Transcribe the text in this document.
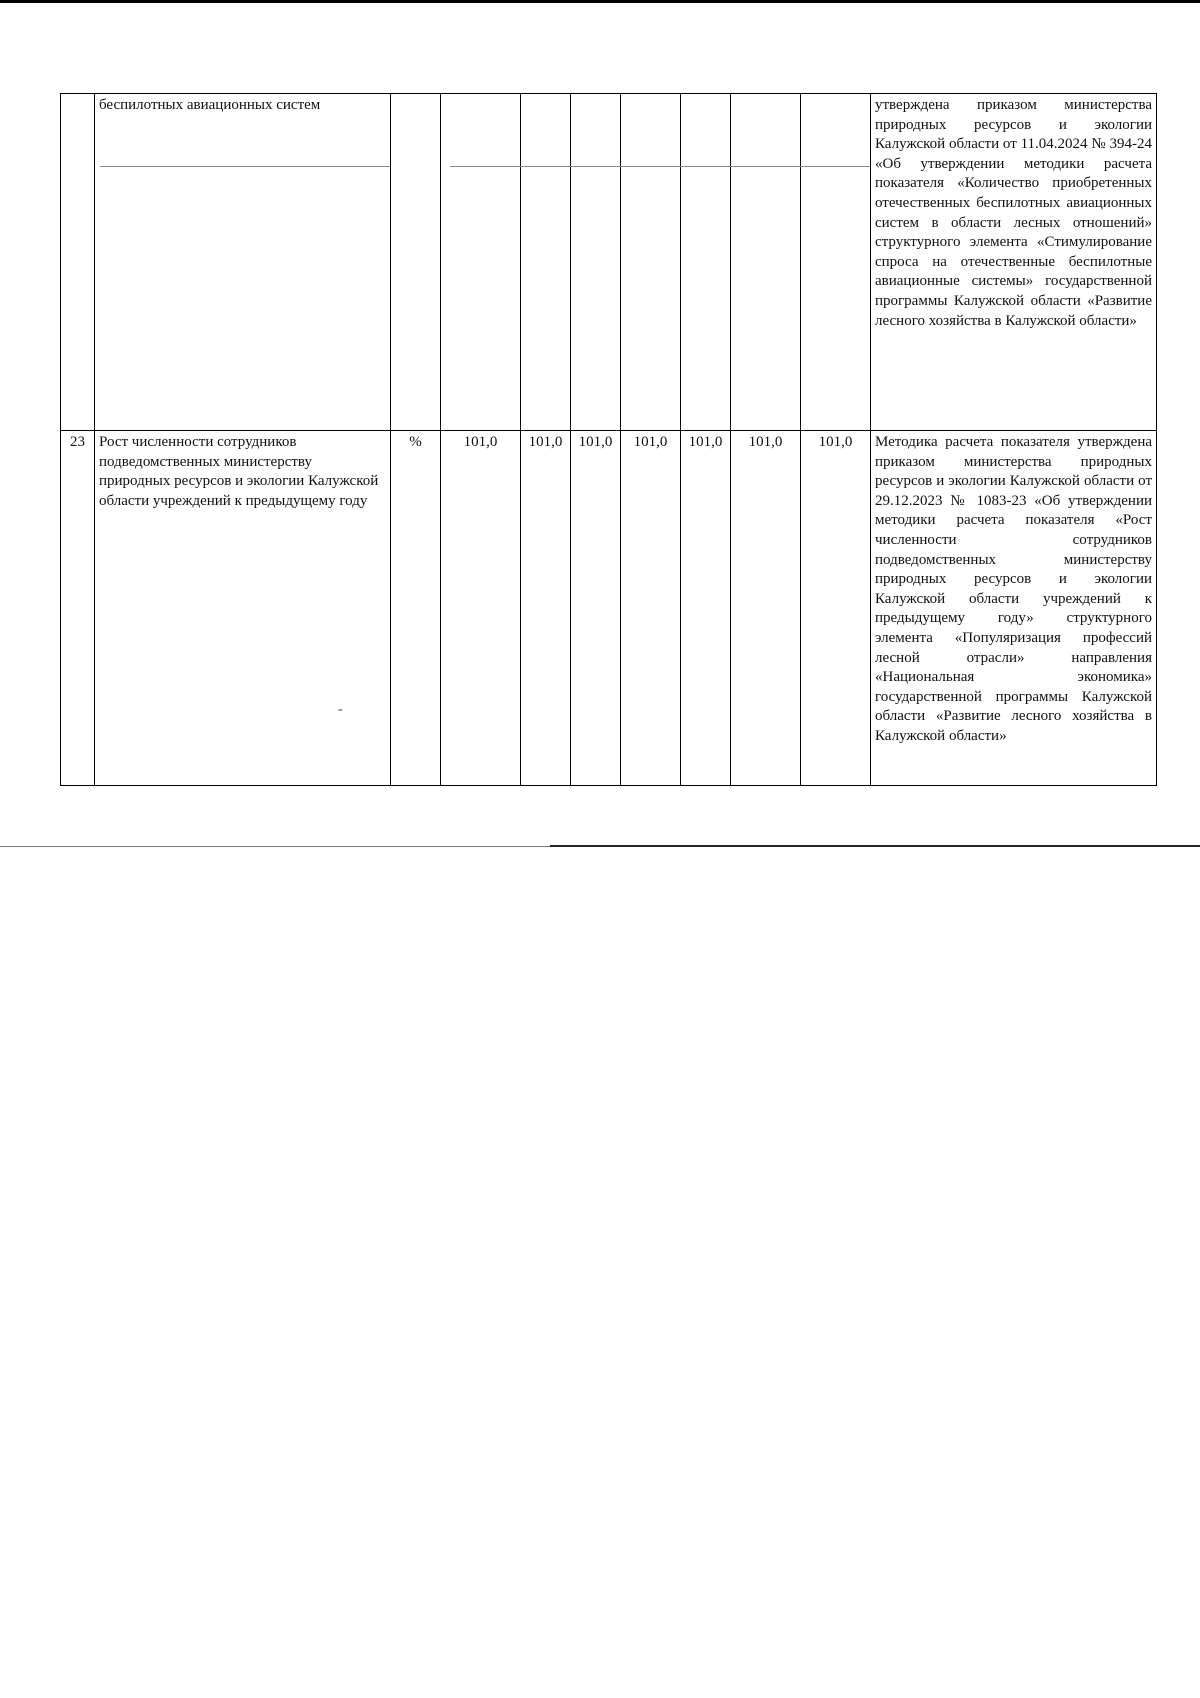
	беспилотных авиационных систем									утверждена приказом министерства природных ресурсов и экологии Калужской области от 11.04.2024 № 394-24 «Об утверждении методики расчета показателя «Количество приобретенных отечественных беспилотных авиационных систем в области лесных отношений» структурного элемента «Стимулирование спроса на отечественные беспилотные авиационные системы» государственной программы Калужской области «Развитие лесного хозяйства в Калужской области»
23	Рост численности сотрудников подведомственных министерству природных ресурсов и экологии Калужской области учреждений к предыдущему году	%	101,0	101,0	101,0	101,0	101,0	101,0	101,0	Методика расчета показателя утверждена приказом министерства природных ресурсов и экологии Калужской области от 29.12.2023 № 1083-23 «Об утверждении методики расчета показателя «Рост численности сотрудников подведомственных министерству природных ресурсов и экологии Калужской области учреждений к предыдущему году» структурного элемента «Популяризация профессий лесной отрасли» направления «Национальная экономика» государственной программы Калужской области «Развитие лесного хозяйства в Калужской области»
-
